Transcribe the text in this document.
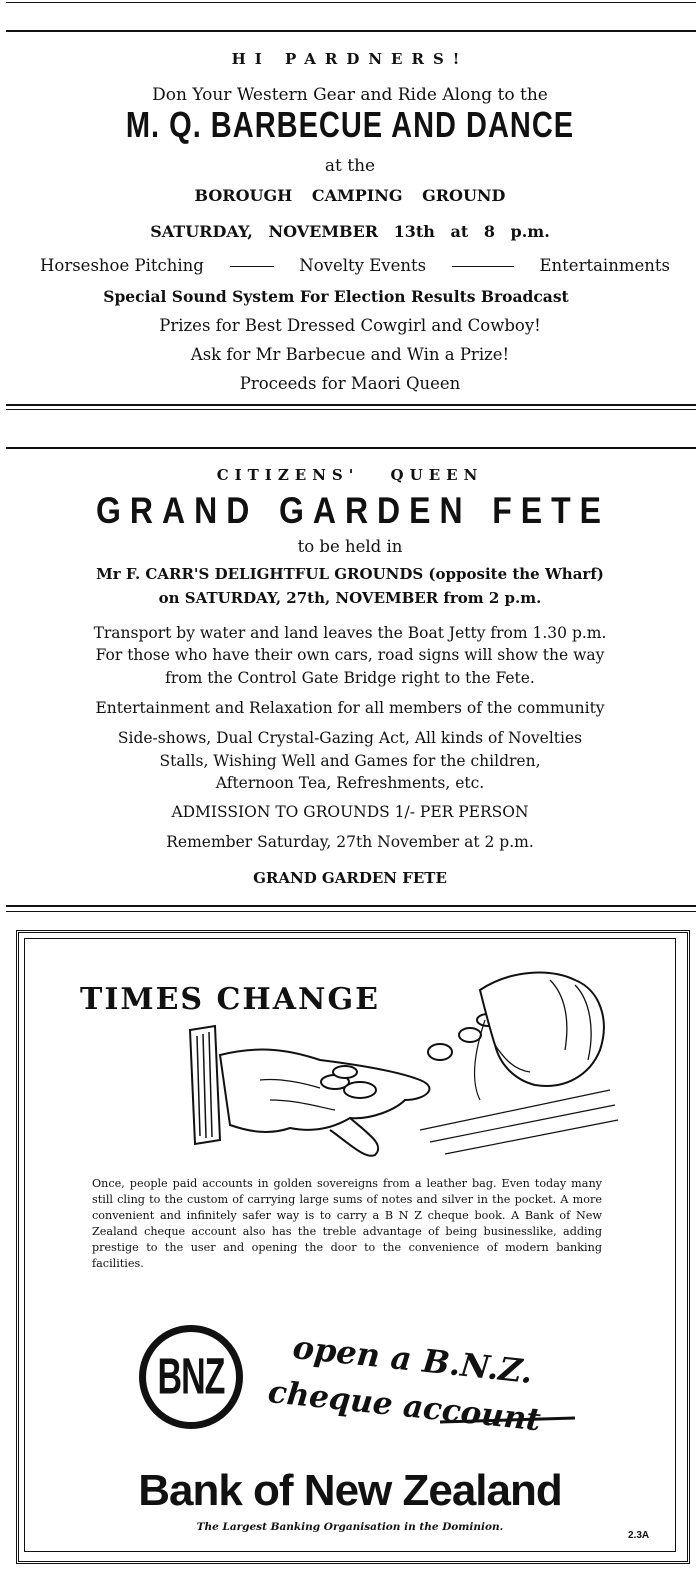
HI PARDNERS!
Don Your Western Gear and Ride Along to the
M. Q. BARBECUE AND DANCE
at the
BOROUGH CAMPING GROUND
SATURDAY, NOVEMBER 13th at 8 p.m.
Horseshoe Pitching	Novelty Events	Entertainments
Special Sound System For Election Results Broadcast
Prizes for Best Dressed Cowgirl and Cowboy!
Ask for Mr Barbecue and Win a Prize!
Proceeds for Maori Queen
CITIZENS' QUEEN
GRAND GARDEN FETE
to be held in
Mr F. CARR'S DELIGHTFUL GROUNDS (opposite the Wharf)
on SATURDAY, 27th, NOVEMBER from 2 p.m.
Transport by water and land leaves the Boat Jetty from 1.30 p.m.
For those who have their own cars, road signs will show the way
from the Control Gate Bridge right to the Fete.
Entertainment and Relaxation for all members of the community
Side-shows, Dual Crystal-Gazing Act, All kinds of Novelties
Stalls, Wishing Well and Games for the children,
Afternoon Tea, Refreshments, etc.
ADMISSION TO GROUNDS 1/- PER PERSON
Remember Saturday, 27th November at 2 p.m.
GRAND GARDEN FETE
TIMES CHANGE
Once, people paid accounts in golden sovereigns from a leather bag. Even today many still cling to the custom of carrying large sums of notes and silver in the pocket. A more convenient and infinitely safer way is to carry a B N Z cheque book. A Bank of New Zealand cheque account also has the treble advantage of being businesslike, adding prestige to the user and opening the door to the convenience of modern banking facilities.
BNZ open a B.N.Z.
cheque account
Bank of New Zealand
The Largest Banking Organisation in the Dominion.
2.3A
